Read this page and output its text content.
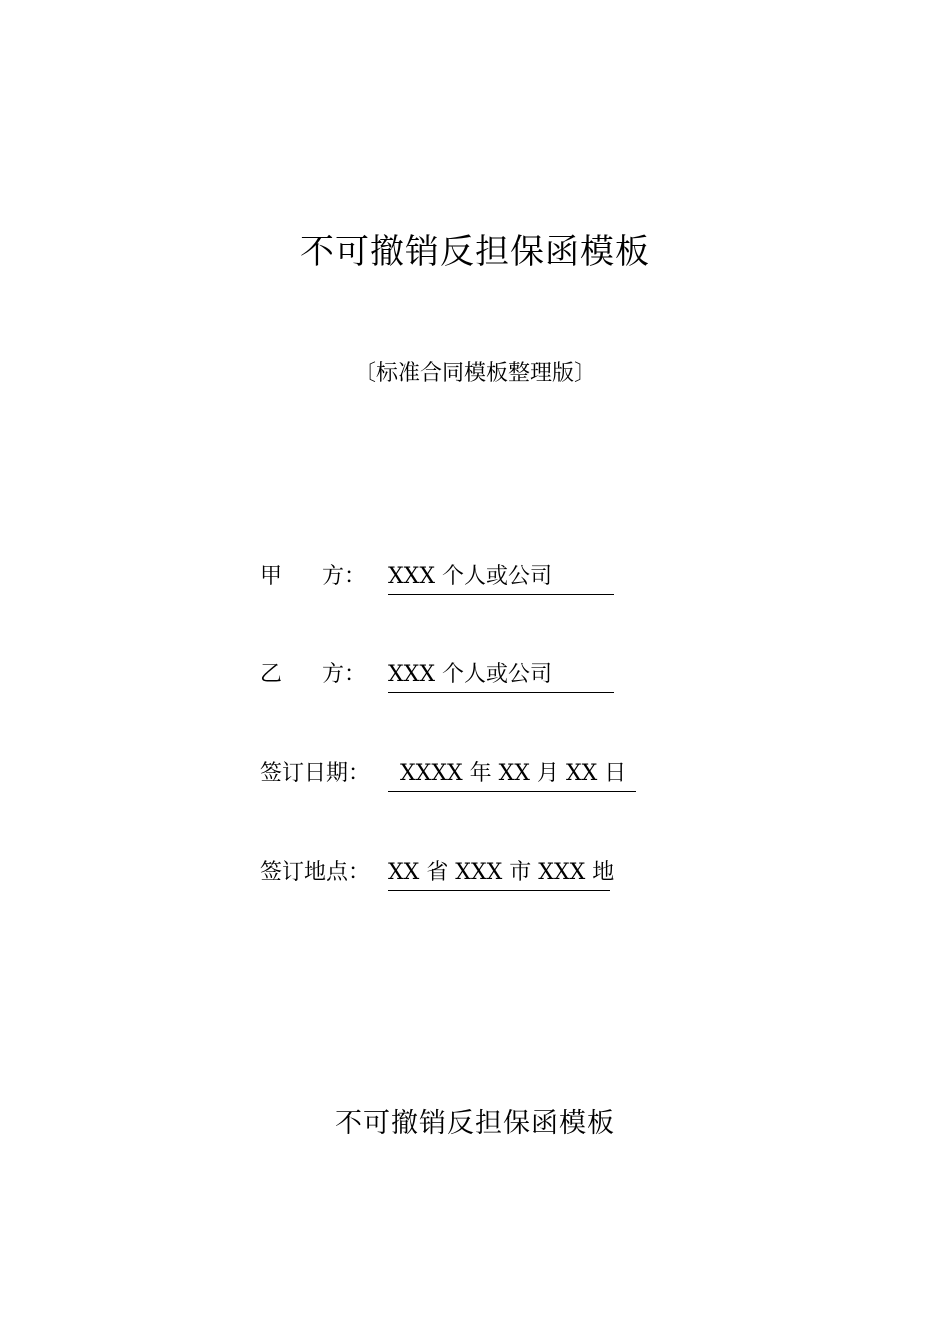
不可撤销反担保函模板
〔标准合同模板整理版〕
甲 方： XXX 个人或公司
乙 方： XXX 个人或公司
签订日期： XXXX 年 XX 月 XX 日
签订地点： XX 省 XXX 市 XXX 地
不可撤销反担保函模板
